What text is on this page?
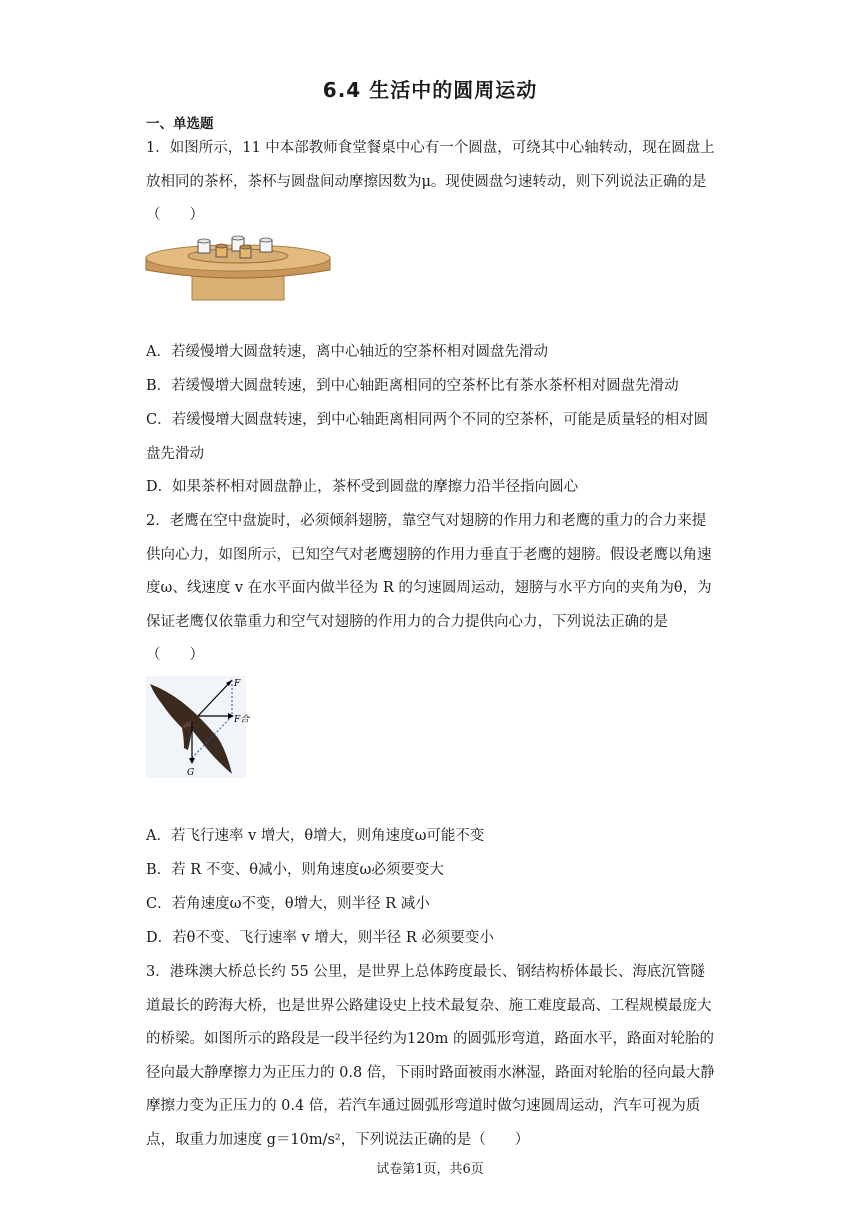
6.4 生活中的圆周运动
一、单选题
1．如图所示，11 中本部教师食堂餐桌中心有一个圆盘，可绕其中心轴转动，现在圆盘上放相同的茶杯，茶杯与圆盘间动摩擦因数为μ。现使圆盘匀速转动，则下列说法正确的是（　　）
A．若缓慢增大圆盘转速，离中心轴近的空茶杯相对圆盘先滑动
B．若缓慢增大圆盘转速，到中心轴距离相同的空茶杯比有茶水茶杯相对圆盘先滑动
C．若缓慢增大圆盘转速，到中心轴距离相同两个不同的空茶杯，可能是质量轻的相对圆盘先滑动
D．如果茶杯相对圆盘静止，茶杯受到圆盘的摩擦力沿半径指向圆心
2．老鹰在空中盘旋时，必须倾斜翅膀，靠空气对翅膀的作用力和老鹰的重力的合力来提供向心力，如图所示，已知空气对老鹰翅膀的作用力垂直于老鹰的翅膀。假设老鹰以角速度ω、线速度 v 在水平面内做半径为 R 的匀速圆周运动，翅膀与水平方向的夹角为θ，为保证老鹰仅依靠重力和空气对翅膀的作用力的合力提供向心力，下列说法正确的是（　　）
F
F合
G
A．若飞行速率 v 增大，θ增大，则角速度ω可能不变
B．若 R 不变、θ减小，则角速度ω必须要变大
C．若角速度ω不变，θ增大，则半径 R 减小
D．若θ不变、飞行速率 v 增大，则半径 R 必须要变小
3．港珠澳大桥总长约 55 公里，是世界上总体跨度最长、钢结构桥体最长、海底沉管隧道最长的跨海大桥，也是世界公路建设史上技术最复杂、施工难度最高、工程规模最庞大的桥梁。如图所示的路段是一段半径约为120m 的圆弧形弯道，路面水平，路面对轮胎的径向最大静摩擦力为正压力的 0.8 倍，下雨时路面被雨水淋湿，路面对轮胎的径向最大静摩擦力变为正压力的 0.4 倍，若汽车通过圆弧形弯道时做匀速圆周运动，汽车可视为质点，取重力加速度 g＝10m/s²，下列说法正确的是（　　）
试卷第1页，共6页
